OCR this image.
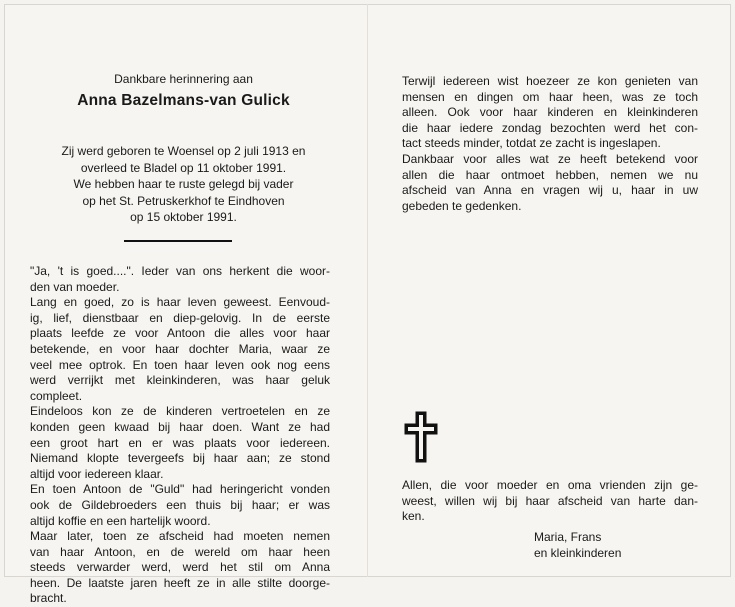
Dankbare herinnering aan
Anna Bazelmans-van Gulick
Zij werd geboren te Woensel op 2 juli 1913 en
overleed te Bladel op 11 oktober 1991.
We hebben haar te ruste gelegd bij vader
op het St. Petruskerkhof te Eindhoven
op 15 oktober 1991.
"Ja, 't is goed....". Ieder van ons herkent die woor-
den van moeder.
Lang en goed, zo is haar leven geweest. Eenvoud-
ig, lief, dienstbaar en diep-gelovig. In de eerste
plaats leefde ze voor Antoon die alles voor haar
betekende, en voor haar dochter Maria, waar ze
veel mee optrok. En toen haar leven ook nog eens
werd verrijkt met kleinkinderen, was haar geluk
compleet.
Eindeloos kon ze de kinderen vertroetelen en ze
konden geen kwaad bij haar doen. Want ze had
een groot hart en er was plaats voor iedereen.
Niemand klopte tevergeefs bij haar aan; ze stond
altijd voor iedereen klaar.
En toen Antoon de "Guld" had heringericht vonden
ook de Gildebroeders een thuis bij haar; er was
altijd koffie en een hartelijk woord.
Maar later, toen ze afscheid had moeten nemen
van haar Antoon, en de wereld om haar heen
steeds verwarder werd, werd het stil om Anna
heen. De laatste jaren heeft ze in alle stilte doorge-
bracht.
Terwijl iedereen wist hoezeer ze kon genieten van
mensen en dingen om haar heen, was ze toch
alleen. Ook voor haar kinderen en kleinkinderen
die haar iedere zondag bezochten werd het con-
tact steeds minder, totdat ze zacht is ingeslapen.
Dankbaar voor alles wat ze heeft betekend voor
allen die haar ontmoet hebben, nemen we nu
afscheid van Anna en vragen wij u, haar in uw
gebeden te gedenken.
Allen, die voor moeder en oma vrienden zijn ge-
weest, willen wij bij haar afscheid van harte dan-
ken.
Maria, Frans
en kleinkinderen
